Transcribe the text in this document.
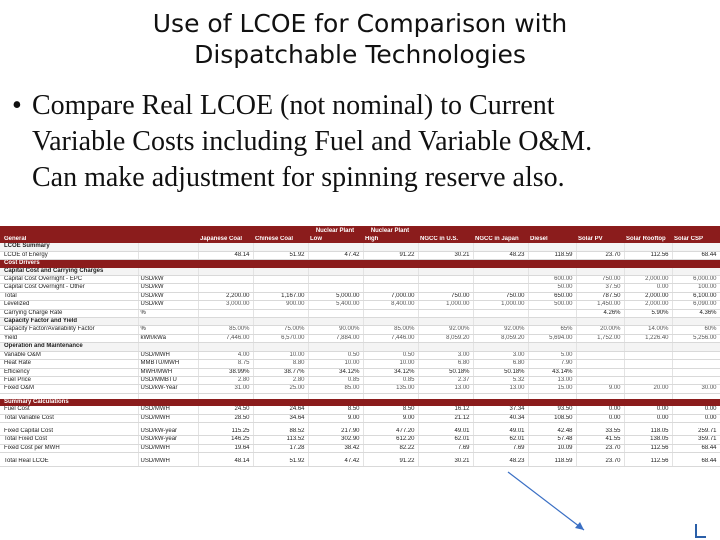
Use of LCOE for Comparison with
Dispatchable Technologies
• Compare Real LCOE (not nominal) to Current
Variable Costs including Fuel and Variable O&M.
Can make adjustment for spinning reserve also.
				Nuclear Plant	Nuclear Plant						
General		Japanese Coal	Chinese Coal	Low	High	NGCC in U.S.	NGCC in Japan	Diesel	Solar PV	Solar Rooftop	Solar CSP
LCOE Summary											
LCOE of Energy		48.14	51.92	47.42	91.22	30.21	48.23	118.59	23.70	112.56	68.44
Cost Drivers											
Capital Cost and Carrying Charges											
Capital Cost Overnight - EPC	USD/kW							600.00	750.00	2,000.00	6,000.00
Capital Cost Overnight - Other	USD/kW							50.00	37.50	0.00	100.00
Total	USD/kW	2,200.00	1,167.00	5,000.00	7,000.00	750.00	750.00	650.00	787.50	2,000.00	6,100.00
Levelized	USD/kW	3,000.00	900.00	5,400.00	8,400.00	1,000.00	1,000.00	500.00	1,450.00	2,000.00	6,090.00
Carrying Charge Rate	%								4.26%	5.90%	4.36%
Capacity Factor and Yield											
Capacity Factor/Availability Factor	%	85.00%	75.00%	90.00%	85.00%	92.00%	92.00%	65%	20.00%	14.00%	60%
Yield	kWh/kWa	7,446.00	6,570.00	7,884.00	7,446.00	8,059.20	8,059.20	5,694.00	1,752.00	1,226.40	5,256.00
Operation and Maintenance											
Variable O&M	USD/MWH	4.00	10.00	0.50	0.50	3.00	3.00	5.00			
Heat Rate	MMBTU/MWH	8.75	8.80	10.00	10.00	6.80	6.80	7.90			
Efficiency	MWH/MWH	38.99%	38.77%	34.12%	34.12%	50.18%	50.18%	43.14%			
Fuel Price	USD/MMBTU	2.80	2.80	0.85	0.85	2.37	5.32	13.00			
Fixed O&M	USD/kW-Year	31.00	25.00	85.00	135.00	13.00	13.00	15.00	9.00	20.00	30.00

Summary Calculations											
Fuel Cost	USD/MWH	24.50	24.64	8.50	8.50	16.12	37.34	93.50	0.00	0.00	0.00
Total Variable Cost	USD/MWH	28.50	34.64	9.00	9.00	21.12	40.34	108.50	0.00	0.00	0.00

Fixed Capital Cost	USD/kW-year	115.25	88.52	217.90	477.20	49.01	49.01	42.48	33.55	118.05	259.71
Total Fixed Cost	USD/kW-year	146.25	113.52	302.90	612.20	62.01	62.01	57.48	41.55	138.05	359.71
Fixed Cost per MWH	USD/MWH	19.64	17.28	38.42	82.22	7.69	7.69	10.09	23.70	112.56	68.44

Total Real LCOE	USD/MWH	48.14	51.92	47.42	91.22	30.21	48.23	118.59	23.70	112.56	68.44
